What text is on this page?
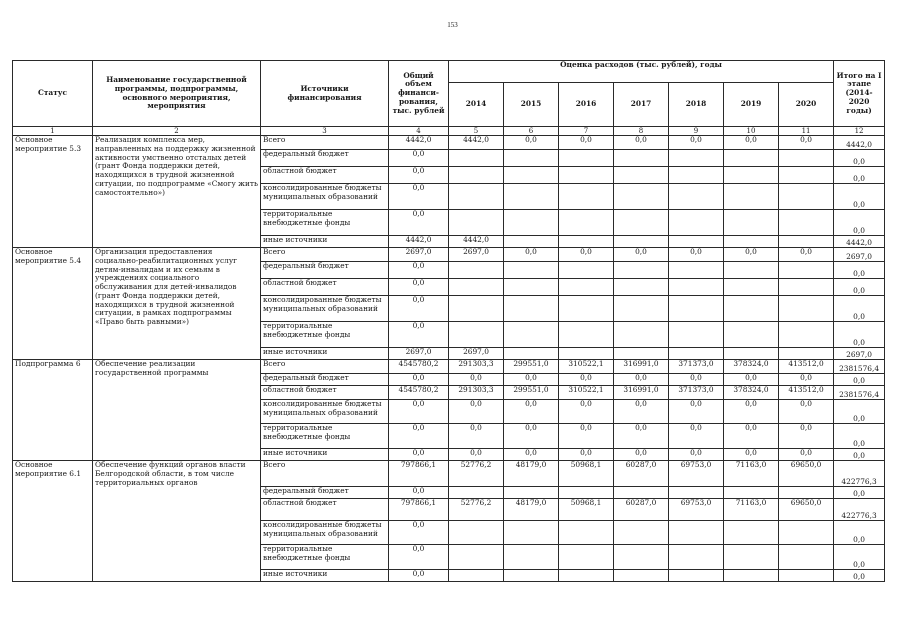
153
Статус	Наименование государственной программы, подпрограммы, основного мероприятия, мероприятия	Источники финансирования	Общий объем финанси-рования, тыс. рублей	Оценка расходов (тыс. рублей), годы							Итого на I этапе (2014-2020 годы)
				2014	2015	2016	2017	2018	2019	2020	
1	2	3	4	5	6	7	8	9	10	11	12
Основное мероприятие 5.3	Реализация комплекса мер, направленных на поддержку жизненной активности умственно отсталых детей (грант Фонда поддержки детей, находящихся в трудной жизненной ситуации, по подпрограмме «Смогу жить самостоятельно»)	Всего	4442,0	4442,0	0,0	0,0	0,0	0,0	0,0	0,0	4442,0
		федеральный бюджет	0,0								0,0
		областной бюджет	0,0								0,0
		консолидированные бюджеты муниципальных образований	0,0								0,0
		территориальные внебюджетные фонды	0,0								0,0
		иные источники	4442,0	4442,0							4442,0
Основное мероприятие 5.4	Организация предоставления социально-реабилитационных услуг детям-инвалидам и их семьям в учреждениях социального обслуживания для детей-инвалидов (грант Фонда поддержки детей, находящихся в трудной жизненной ситуации, в рамках подпрограммы «Право быть равными»)	Всего	2697,0	2697,0	0,0	0,0	0,0	0,0	0,0	0,0	2697,0
		федеральный бюджет	0,0								0,0
		областной бюджет	0,0								0,0
		консолидированные бюджеты муниципальных образований	0,0								0,0
		территориальные внебюджетные фонды	0,0								0,0
		иные источники	2697,0	2697,0							2697,0
Подпрограмма 6	Обеспечение реализации государственной программы	Всего	4545780,2	291303,3	299551,0	310522,1	316991,0	371373,0	378324,0	413512,0	2381576,4
		федеральный бюджет	0,0	0,0	0,0	0,0	0,0	0,0	0,0	0,0	0,0
		областной бюджет	4545780,2	291303,3	299551,0	310522,1	316991,0	371373,0	378324,0	413512,0	2381576,4
		консолидированные бюджеты муниципальных образований	0,0	0,0	0,0	0,0	0,0	0,0	0,0	0,0	0,0
		территориальные внебюджетные фонды	0,0	0,0	0,0	0,0	0,0	0,0	0,0	0,0	0,0
		иные источники	0,0	0,0	0,0	0,0	0,0	0,0	0,0	0,0	0,0
Основное мероприятие 6.1	Обеспечение функций органов власти Белгородской области, в том числе территориальных органов	Всего	797866,1	52776,2	48179,0	50968,1	60287,0	69753,0	71163,0	69650,0	422776,3
		федеральный бюджет	0,0								0,0
		областной бюджет	797866,1	52776,2	48179,0	50968,1	60287,0	69753,0	71163,0	69650,0	422776,3
		консолидированные бюджеты муниципальных образований	0,0								0,0
		территориальные внебюджетные фонды	0,0								0,0
		иные источники	0,0								0,0
